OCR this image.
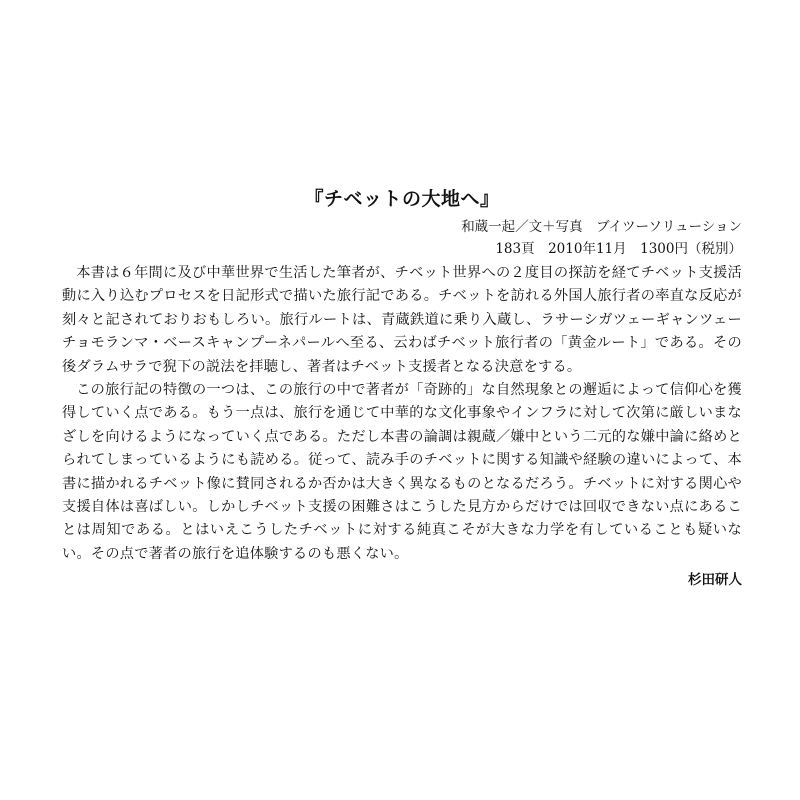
『チベットの大地へ』
和蔵一起／文＋写真　ブイツーソリューション
183頁　2010年11月　1300円（税別）

本書は６年間に及び中華世界で生活した筆者が、チベット世界への２度目の探訪を経てチベット支援活動に入り込むプロセスを日記形式で描いた旅行記である。チベットを訪れる外国人旅行者の率直な反応が刻々と記されておりおもしろい。旅行ルートは、青蔵鉄道に乗り入蔵し、ラサーシガツェーギャンツェーチョモランマ・ベースキャンプーネパールへ至る、云わばチベット旅行者の「黄金ルート」である。その後ダラムサラで猊下の説法を拝聴し、著者はチベット支援者となる決意をする。

この旅行記の特徴の一つは、この旅行の中で著者が「奇跡的」な自然現象との邂逅によって信仰心を獲得していく点である。もう一点は、旅行を通じて中華的な文化事象やインフラに対して次第に厳しいまなざしを向けるようになっていく点である。ただし本書の論調は親蔵／嫌中という二元的な嫌中論に絡めとられてしまっているようにも読める。従って、読み手のチベットに関する知識や経験の違いによって、本書に描かれるチベット像に賛同されるか否かは大きく異なるものとなるだろう。チベットに対する関心や支援自体は喜ばしい。しかしチベット支援の困難さはこうした見方からだけでは回収できない点にあることは周知である。とはいえこうしたチベットに対する純真こそが大きな力学を有していることも疑いない。その点で著者の旅行を追体験するのも悪くない。

杉田研人
